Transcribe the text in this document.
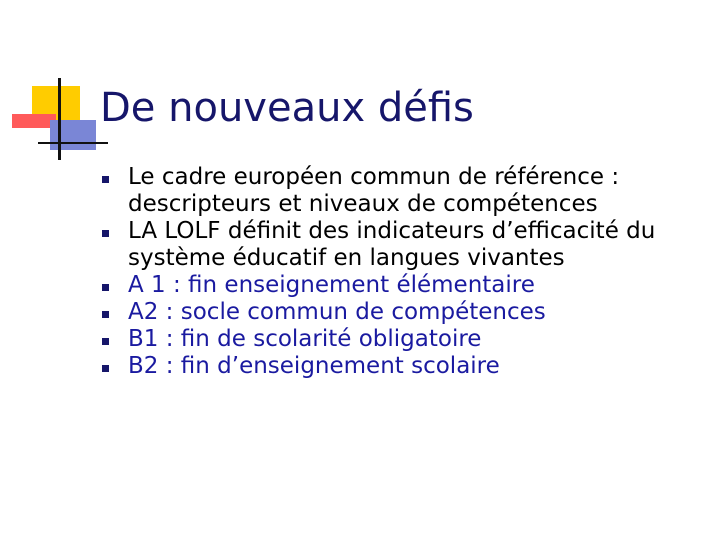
De nouveaux défis
Le cadre européen commun de référence : descripteurs et niveaux de compétences
LA LOLF définit des indicateurs d’efficacité du système éducatif en langues vivantes
A 1 : fin enseignement élémentaire
A2 : socle commun de compétences
B1 : fin de scolarité obligatoire
B2 : fin d’enseignement scolaire
